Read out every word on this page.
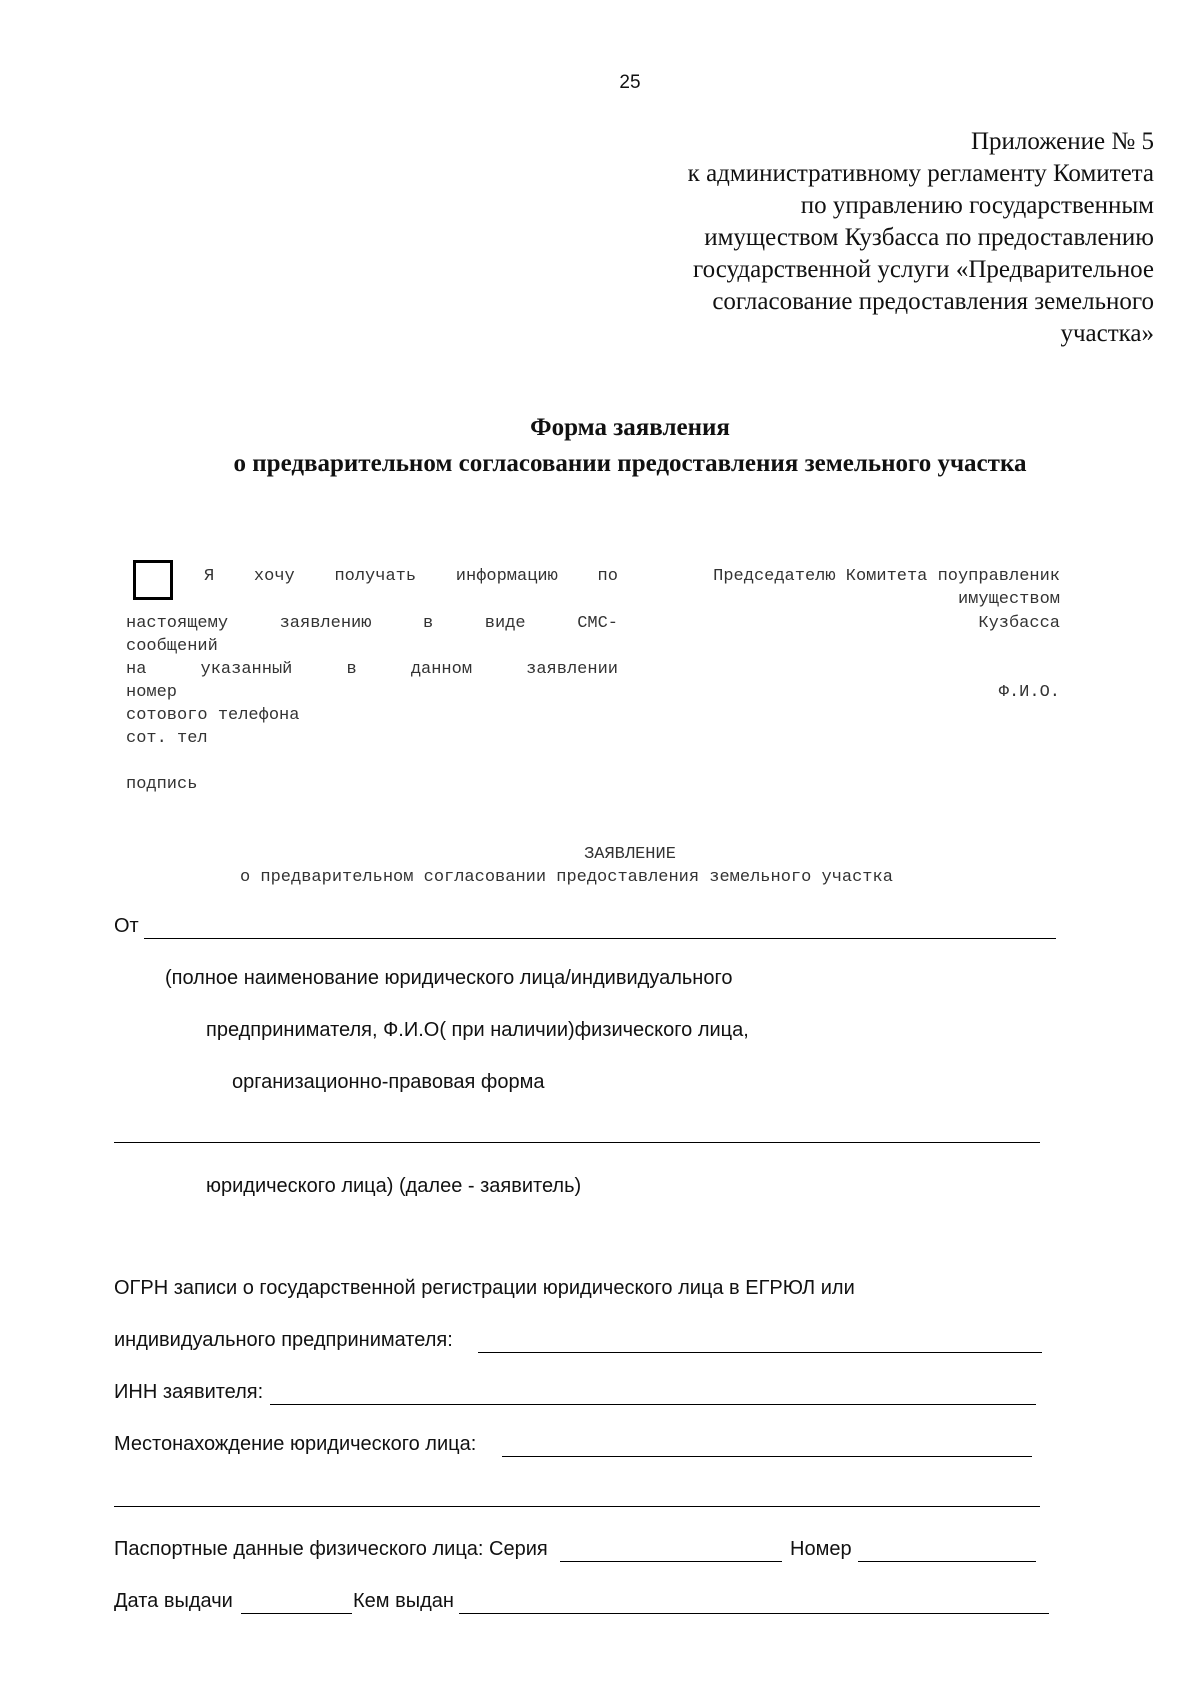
25
Приложение № 5
к административному регламенту Комитета
по управлению государственным
имуществом Кузбасса по предоставлению
государственной услуги «Предварительное
согласование предоставления земельного
участка»
Форма заявления
о предварительном согласовании предоставления земельного участка
Я хочу получать информацию по
настоящему	заявлению	в	виде	СМС-
сообщений
на	указанный	в	данном	заявлении
номер
сотового телефона
сот. тел
подпись
Председателю Комитета поуправленик
имуществом
Кузбасса
Ф.И.О.
ЗАЯВЛЕНИЕ
о предварительном согласовании предоставления земельного участка
От
(полное наименование юридического лица/индивидуального
предпринимателя, Ф.И.О( при наличии)физического лица,
организационно-правовая форма
юридического лица) (далее - заявитель)
ОГРН записи о государственной регистрации юридического лица в ЕГРЮЛ или
индивидуального предпринимателя:
ИНН заявителя:
Местонахождение юридического лица:
Паспортные данные физического лица: Серия	Номер
Дата выдачи	Кем выдан
